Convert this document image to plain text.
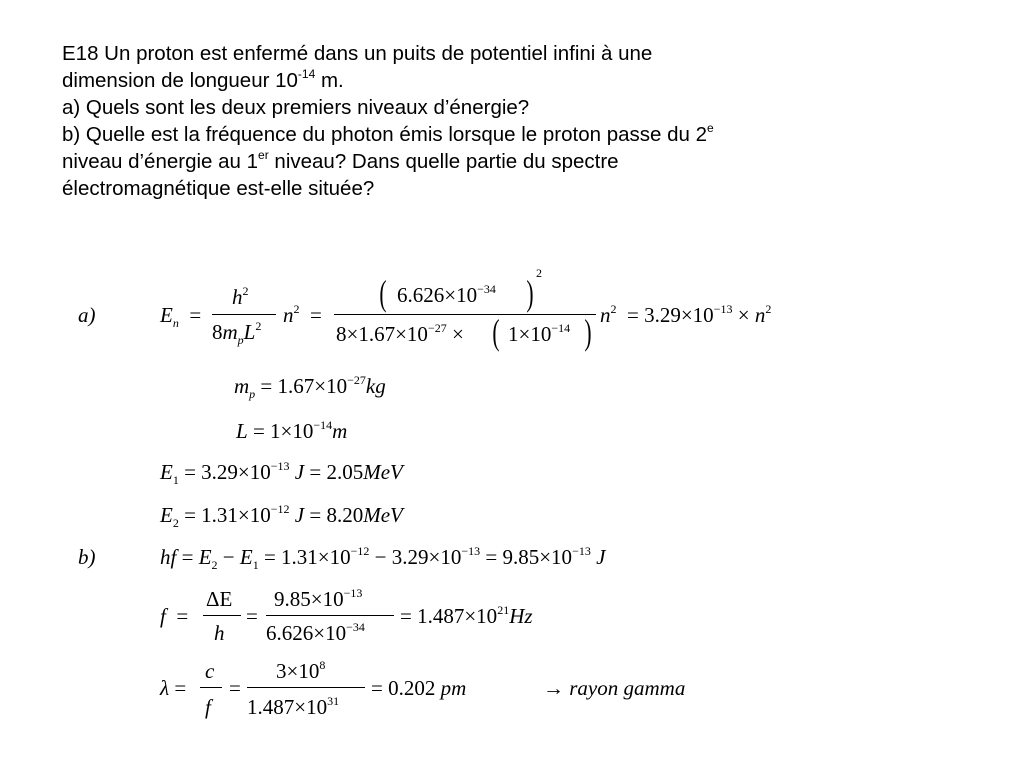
E18 Un proton est enfermé dans un puits de potentiel infini à une
dimension de longueur $10^{-14}$ m.
a) Quels sont les deux premiers niveaux d’énergie?
b) Quelle est la fréquence du photon émis lorsque le proton passe du 2e
niveau d’énergie au 1er niveau? Dans quelle partie du spectre
électromagnétique est-elle située?
a)	$E_n$  =
$h^2$
$8m_pL^2$ $n^2$  =
( $6.626\times 10^{-34}$ ) 2
$8\times 1.67\times 10^{-27}$ × ( $1\times 10^{-14}$ ) $n^2 = 3.29\times 10^{-13} \times n^2$
$m_p = 1.67\times 10^{-27}kg$
$L = 1\times 10^{-14}m$
$E_1 = 3.29\times 10^{-13}$ J = 2.05MeV
$E_2 = 1.31\times 10^{-12}$ J = 8.20MeV
b)	hf = $E_2 - E_1 = 1.31\times 10^{-12} - 3.29\times 10^{-13} = 9.85\times 10^{-13}$ J
f  =
ΔE
h
=
$9.85\times 10^{-13}$
$6.626\times 10^{-34} = 1.487\times 10^{21}Hz$
λ =
c
f
=
$3\times 10^8$
$1.487\times 10^{31}$
= 0.202 pm	→ rayon gamma
